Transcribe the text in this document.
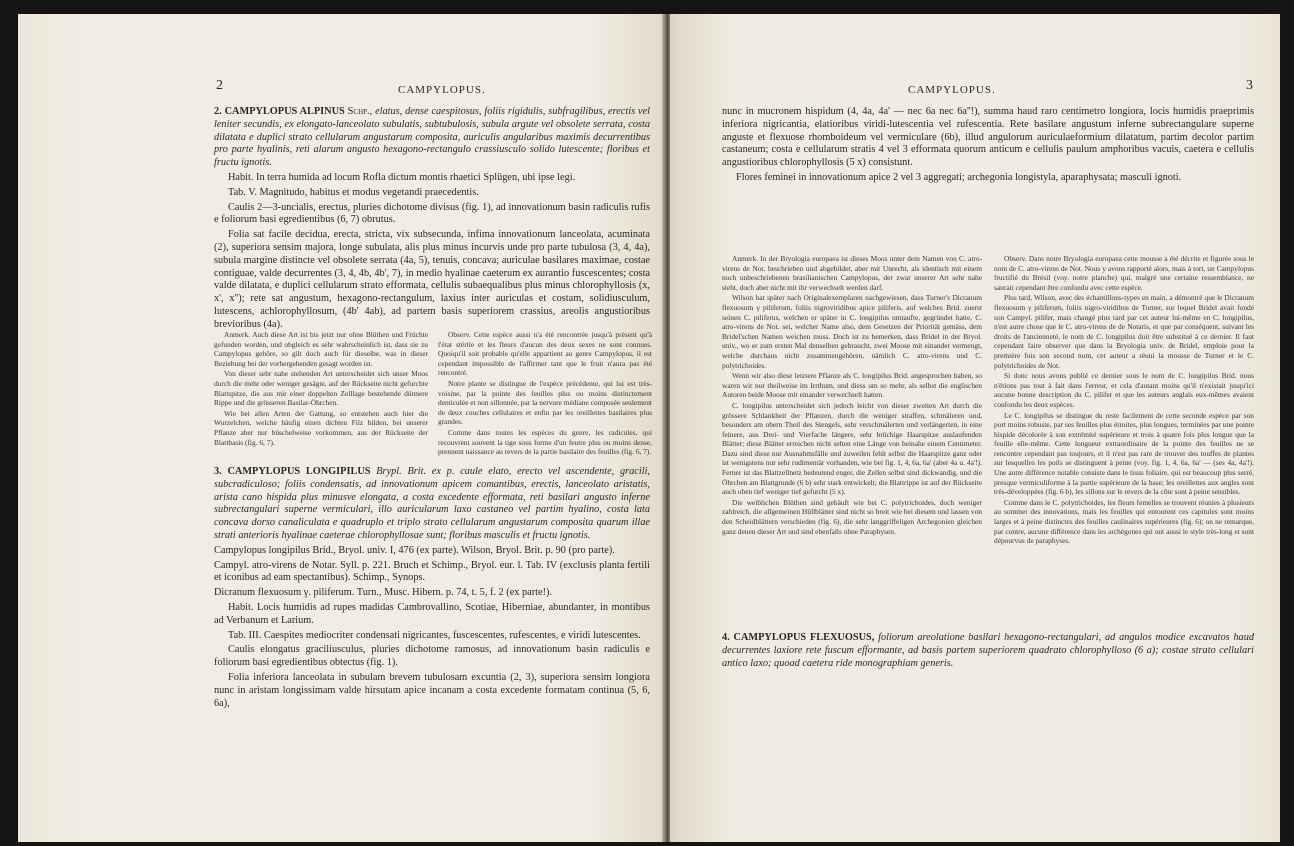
2	CAMPYLOPUS.

2. CAMPYLOPUS ALPINUS Schp., elatus, dense caespitosus, foliis rigidulis, subfragilibus, erectis vel leniter secundis, ex elongato-lanceolato subulatis, subtubulosis, subula argute vel obsolete serrata, costa dilatata e duplici strato cellularum angustarum composita, auriculis angularibus maximis decurrentibus pro parte hyalinis, reti alarum angusto hexagono-rectangulo crassiusculo solido lutescente; floribus et fructu ignotis.

Habit. In terra humida ad locum Rofla dictum montis rhaetici Splügen, ubi ipse legi.

Tab. V. Magnitudo, habitus et modus vegetandi praecedentis.

Caulis 2—3-uncialis, erectus, pluries dichotome divisus (fig. 1), ad innovationum basin radiculis rufis e foliorum basi egredientibus (6, 7) obrutus.

Folia sat facile decidua, erecta, stricta, vix subsecunda, infima innovationum lanceolata, acuminata (2), superiora sensim majora, longe subulata, alis plus minus incurvis unde pro parte tubulosa (3, 4, 4a), subula margine distincte vel obsolete serrata (4a, 5), tenuis, concava; auriculae basilares maximae, costae contiguae, valde decurrentes (3, 4, 4b, 4b', 7), in medio hyalinae caeterum ex aurantio fuscescentes; costa valde dilatata, e duplici cellularum strato efformata, cellulis subaequalibus plus minus chlorophyllosis (x, x', x''); rete sat angustum, hexagono-rectangulum, laxius inter auriculas et costam, solidiusculum, lutescens, achlorophyllosum, (4b' 4ab), ad partem basis superiorem crassius, areolis angustioribus brevioribus (4a).

Anmerk. Auch diese Art ist bis jetzt nur ohne Blüthen und Früchte gefunden worden, und obgleich es sehr wahrscheinlich ist, dass sie zu Campylopus gehöre, so gilt doch auch für dieselbe, was in dieser Beziehung bei der vorhergehenden gesagt worden ist.

Von dieser sehr nahe stehenden Art unterscheidet sich unser Moos durch die mehr oder weniger gesägte, auf der Rückseite nicht gefurchte Blattspitze, die aus mir einer doppelten Zelllage bestehende dünnere Rippe und die grösseren Basilar-Öhrchen.

Wie bei allen Arten der Gattung, so entstehen auch hier die Wurzelchen, welche häufig einen dichten Filz bilden, bei unserer Pflanze aber nur büschelweise vorkommen, aus der Rückseite der Blattbasis (fig. 6, 7).

Observ. Cette espèce aussi n'a été rencontrée jusqu'à présent qu'à l'état stérile et les fleurs d'aucun des deux sexes ne sont connues. Quoiqu'il soit probable qu'elle appartient au genre Campylopus, il est cependant impossible de l'affirmer tant que le fruit n'aura pas été rencontré.

Notre plante se distingue de l'espèce précédente, qui lui est très-voisine, par la pointe des feuilles plus ou moins distinctement denticulée et non sillonnée, par la nervure médiane composée seulement de deux couches cellulaires et enfin par les oreillettes basilaires plus grandes.

Comme dans toutes les espèces du genre, les radicules, qui recouvrent souvent la tige sous forme d'un feutre plus ou moins dense, prennent naissance au revers de la partie basilaire des feuilles (fig. 6, 7).

3. CAMPYLOPUS LONGIPILUS Brypl. Brit. ex p. caule elato, erecto vel ascendente, gracili, subcradiculoso; foliis condensatis, ad innovationum apicem comantibus, erectis, lanceolato aristatis, arista cano hispida plus minusve elongata, a costa excedente efformata, reti basilari angusto inferne subrectangulari superne vermiculari, illo auricularum laxo castaneo vel partim hyalino, costa lata concava dorso canaliculata e quadruplo et triplo strato cellularum angustarum composita quarum illae strati anterioris hyalinae caeterae chlorophyllosae sunt; floribus masculis et fructu ignotis.

Campylopus longipilus Brid., Bryol. univ. I, 476 (ex parte). Wilson, Bryol. Brit. p. 90 (pro parte).

Campyl. atro-virens de Notar. Syll. p. 221. Bruch et Schimp., Bryol. eur. l. Tab. IV (exclusis planta fertili et iconibus ad eam spectantibus). Schimp., Synops.

Dicranum flexuosum γ. piliferum. Turn., Musc. Hibern. p. 74, t. 5, f. 2 (ex parte!).

Habit. Locis humidis ad rupes madidas Cambrovallino, Scotiae, Hiberniae, abundanter, in montibus ad Verbanum et Larium.

Tab. III. Caespites mediocriter condensati nigricantes, fuscescentes, rufescentes, e viridi lutescentes.

Caulis elongatus graciliusculus, pluries dichotome ramosus, ad innovationum basin radiculis e foliorum basi egredientibus obtectus (fig. 1).

Folia inferiora lanceolata in subulam brevem tubulosam excuntia (2, 3), superiora sensim longiora nunc in aristam longissimam valde hirsutam apice incanam a costa excedente formatam continua (5, 6, 6a),

CAMPYLOPUS.	3

nunc in mucronem hispidum (4, 4a, 4a' — nec 6a nec 6a''!), summa haud raro centimetro longiora, locis humidis praeprimis inferiora nigricantia, elatioribus viridi-lutescentia vel rufescentia. Rete basilare angustum inferne subrectangulare superne anguste et flexuose rhomboideum vel vermiculare (6b), illud angulorum auriculaeformium dilatatum, partim decolor partim castaneum; costa e cellularum stratis 4 vel 3 efformata quorum anticum e cellulis paulum amphoribus vacuis, caetera e cellulis angustioribus chlorophyllosis (5 x) consistunt.

Flores feminei in innovationum apice 2 vel 3 aggregati; archegonia longistyla, aparaphysata; masculi ignoti.

Anmerk. In der Bryologia europaea ist dieses Moos unter dem Namen von C. atro-virens de Not. beschrieben und abgebildet, aber mit Unrecht, als identisch mit einem noch unbeschriebenen brasilianischen Campylopus, der zwar unserer Art sehr nahe steht, doch aber nicht mit ihr verwechselt werden darf.

Wilson hat später nach Originalexemplaren nachgewiesen, dass Turner's Dicranum flexuosum γ piliferum, foliis nigroviridibus apice piliferis, auf welches Brid. zuerst seinen C. piliferus, welchen er später in C. longipilus umtaufte, gegründet hatte, C. atro-virens de Not. sei, welcher Name also, dem Gesetzen der Priorität gemäss, dem Bridel'schen Namen weichen muss. Doch ist zu bemerken, dass Bridel in der Bryol. univ., wo er zum ersten Mal denselben gebraucht, zwei Moose mit einander vermengt, welche durchaus nicht zusammengehören, nämlich C. atro-virens und C. polytrichoides.

Wenn wir also diese letztere Pflanze als C. longipilus Brid. angesprochen haben, so waren wir nur theilweise im Irrthum, und diess um so mehr, als selbst die englischen Autoren beide Moose mit einander verwechselt hatten.

C. longipilus unterscheidet sich jedoch leicht von dieser zweiten Art durch die grössere Schlankheit der Pflanzen, durch die weniger straffen, schmäleren und, besonders am obern Theil des Stengels, sehr verschmälerten und verlängerten, in eine feinere, aus Drei- und Vierfache längere, sehr brüchige Haarspitze auslaufenden Blätter; diese Blätter erreichen nicht selten eine Länge von beinahe einem Centimeter. Dazu sind diese nur Ausnahmsfälle und zuweilen fehlt selbst die Haarspitze ganz oder ist wenigstens nur sehr rudimentär vorhanden, wie bei fig. 1, 4, 6a, 6a' (aber 4a u. 4a'!). Ferner ist das Blattzellnetz bedeutend enger, die Zellen selbst sind dickwandig, und die Öhrchen am Blattgrunde (6 b) sehr stark entwickelt; die Blattrippe ist auf der Rückseite auch oben tief weniger tief gefurcht (5 x).

Die weiblichen Blüthen sind gehäuft wie bei C. polytrichoides, doch weniger zahlreich, die allgemeinen Hüllblätter sind nicht so breit wie bei diesem und lassen von den Scheidblättern verschieden (fig. 6), die sehr langgriffeligen Archegonien gleichen ganz denen dieser Art und sind ebenfalls ohne Paraphysen.

Observ. Dans notre Bryologia europaea cette mousse a été décrite et figurée sous le nom de C. atro-virens de Not. Nous y avons rapporté alors, mais à tort, un Campylopus fructifié du Brésil (voy. notre planche) qui, malgré une certaine ressemblance, ne saurait cependant être confondu avec cette espèce.

Plus tard, Wilson, avec des échantillons-types en main, a démontré que le Dicranum flexuosum γ piliferum, foliis nigro-viridibus de Turner, sur lequel Bridel avait fondé son Campyl. pilifer, mais changé plus tard par cet auteur lui-même en C. longipilus, n'est autre chose que le C. atro-virens de de Notaris, et que par conséquent, suivant les droits de l'ancienneté, le nom de C. longipilus doit être substitué à ce dernier. Il faut cependant faire observer que dans la Bryologia univ. de Bridel, emploie pour la première fois son second nom, cet auteur a réuni la mousse de Turner et le C. polytrichoides de Not.

Si donc nous avons publié ce dernier sous le nom de C. longipilus Brid. nous n'étions pas tout à fait dans l'erreur, et cela d'autant moins qu'il n'existait jusqu'ici aucune bonne description du C. pilifer et que les auteurs anglais eux-mêmes avaient confondu les deux espèces.

Le C. longipilus se distingue du reste facilement de cette seconde espèce par son port moins robuste, par ses feuilles plus étroites, plus longues, terminées par une pointe hispide décolorée à son extrémité supérieure et trois à quatre fois plus longue que la feuille elle-même. Cette longueur extraordinaire de la pointe des feuilles ne se rencontre cependant pas toujours, et il n'est pas rare de trouver des touffes de plantes sur lesquelles les poils se distinguent à peine (voy. fig. 1, 4, 6a, 6a' — (ses 4a, 4a'!). Une autre différence notable consiste dans le tissu foliaire, qui est beaucoup plus serré, presque vermiculiforme à la partie supérieure de la base; les oreillettes aux angles sont très-développées (fig. 6 b), les sillons sur le revers de la côte sont à peine sensibles.

Comme dans le C. polytrichoides, les fleurs femelles se trouvent réunies à plusieurs au sommet des innovations, mais les feuilles qui entourent ces capitules sont moins larges et à peine distinctes des feuilles caulinaires supérieures (fig. 6); on ne remarque, par contre, aucune différence dans les archégones qui ont aussi le style très-long et sont dépourvus de paraphyses.

4. CAMPYLOPUS FLEXUOSUS, foliorum areolatione basilari hexagono-rectangulari, ad angulos modice excavatos haud decurrentes laxiore rete fuscum efformante, ad basis partem superiorem quadrato chlorophylloso (6 a); costae strato cellulari antico laxo; quoad caetera ride monographiam generis.
